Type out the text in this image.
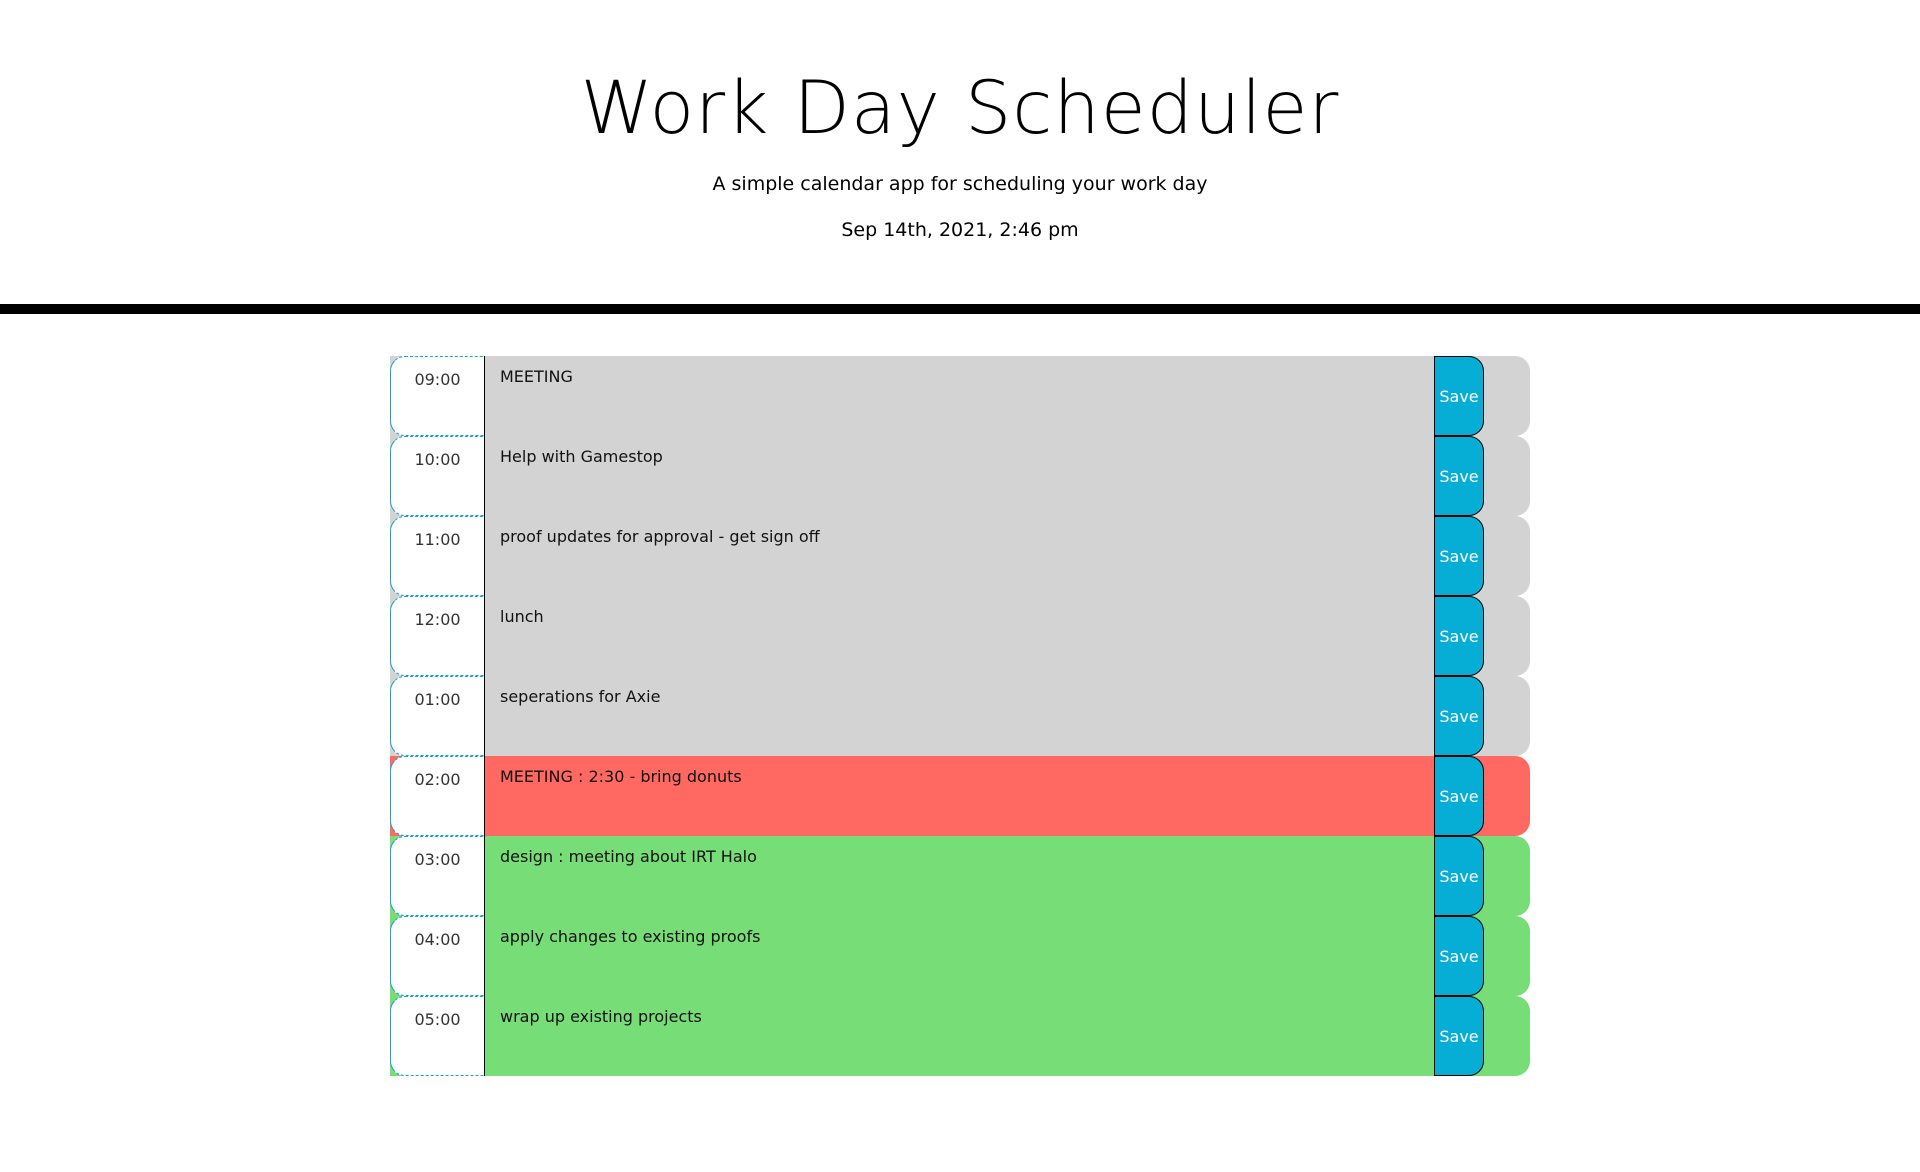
Work Day Scheduler
A simple calendar app for scheduling your work day
Sep 14th, 2021, 2:46 pm
09:00	MEETING
Save
10:00	Help with Gamestop
Save
11:00	proof updates for approval - get sign off
Save
12:00	lunch
Save
01:00	seperations for Axie
Save
02:00	MEETING : 2:30 - bring donuts
Save
03:00	design : meeting about IRT Halo
Save
04:00	apply changes to existing proofs
Save
05:00	wrap up existing projects
Save
